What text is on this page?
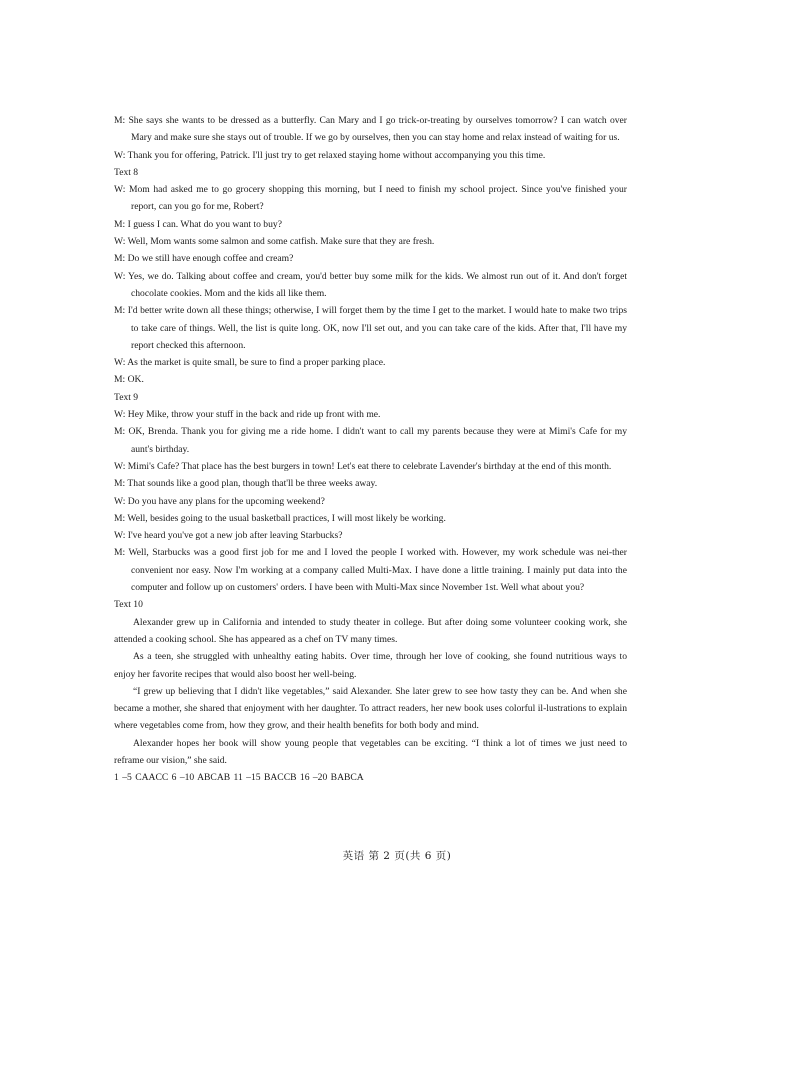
M: She says she wants to be dressed as a butterfly. Can Mary and I go trick-or-treating by ourselves tomorrow? I can watch over Mary and make sure she stays out of trouble. If we go by ourselves, then you can stay home and relax instead of waiting for us.

W: Thank you for offering, Patrick. I'll just try to get relaxed staying home without accompanying you this time.

Text 8

W: Mom had asked me to go grocery shopping this morning, but I need to finish my school project. Since you've finished your report, can you go for me, Robert?

M: I guess I can. What do you want to buy?

W: Well, Mom wants some salmon and some catfish. Make sure that they are fresh.

M: Do we still have enough coffee and cream?

W: Yes, we do. Talking about coffee and cream, you'd better buy some milk for the kids. We almost run out of it. And don't forget chocolate cookies. Mom and the kids all like them.

M: I'd better write down all these things; otherwise, I will forget them by the time I get to the market. I would hate to make two trips to take care of things. Well, the list is quite long. OK, now I'll set out, and you can take care of the kids. After that, I'll have my report checked this afternoon.

W: As the market is quite small, be sure to find a proper parking place.

M: OK.

Text 9

W: Hey Mike, throw your stuff in the back and ride up front with me.

M: OK, Brenda. Thank you for giving me a ride home. I didn't want to call my parents because they were at Mimi's Cafe for my aunt's birthday.

W: Mimi's Cafe? That place has the best burgers in town! Let's eat there to celebrate Lavender's birthday at the end of this month.

M: That sounds like a good plan, though that'll be three weeks away.

W: Do you have any plans for the upcoming weekend?

M: Well, besides going to the usual basketball practices, I will most likely be working.

W: I've heard you've got a new job after leaving Starbucks?

M: Well, Starbucks was a good first job for me and I loved the people I worked with. However, my work schedule was nei-ther convenient nor easy. Now I'm working at a company called Multi-Max. I have done a little training. I mainly put data into the computer and follow up on customers' orders. I have been with Multi-Max since November 1st. Well what about you?

Text 10

Alexander grew up in California and intended to study theater in college. But after doing some volunteer cooking work, she attended a cooking school. She has appeared as a chef on TV many times.

As a teen, she struggled with unhealthy eating habits. Over time, through her love of cooking, she found nutritious ways to enjoy her favorite recipes that would also boost her well-being.

“I grew up believing that I didn't like vegetables,” said Alexander. She later grew to see how tasty they can be. And when she became a mother, she shared that enjoyment with her daughter. To attract readers, her new book uses colorful il-lustrations to explain where vegetables come from, how they grow, and their health benefits for both body and mind.

Alexander hopes her book will show young people that vegetables can be exciting. “I think a lot of times we just need to reframe our vision,” she said.

1 –5 CAACC 6 –10 ABCAB 11 –15 BACCB 16 –20 BABCA

英语 第 2 页(共 6 页)
